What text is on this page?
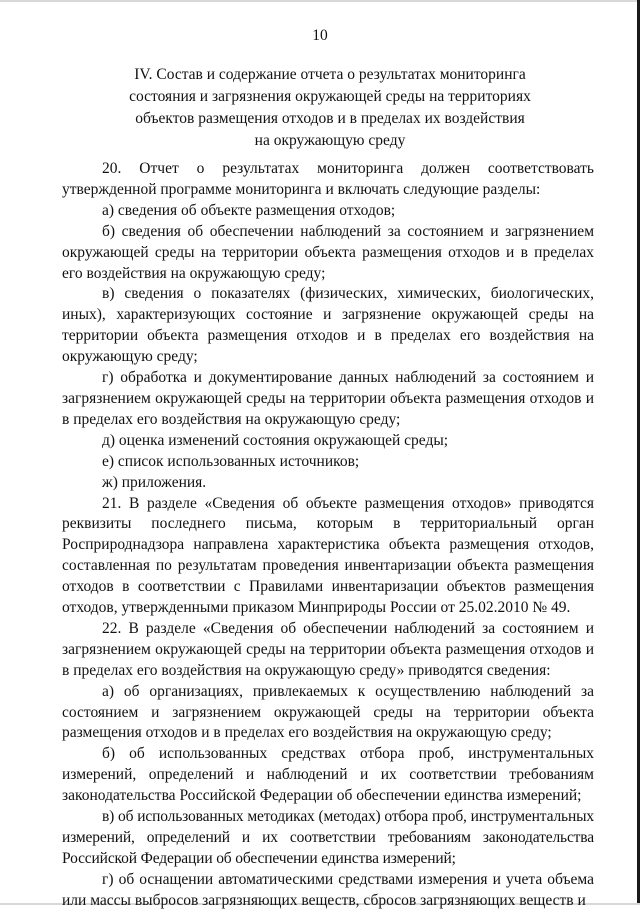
10
IV. Состав и содержание отчета о результатах мониторинга
состояния и загрязнения окружающей среды на территориях
объектов размещения отходов и в пределах их воздействия
на окружающую среду

20. Отчет о результатах мониторинга должен соответствовать утвержденной программе мониторинга и включать следующие разделы:

а) сведения об объекте размещения отходов;

б) сведения об обеспечении наблюдений за состоянием и загрязнением окружающей среды на территории объекта размещения отходов и в пределах его воздействия на окружающую среду;

в) сведения о показателях (физических, химических, биологических, иных), характеризующих состояние и загрязнение окружающей среды на территории объекта размещения отходов и в пределах его воздействия на окружающую среду;

г) обработка и документирование данных наблюдений за состоянием и загрязнением окружающей среды на территории объекта размещения отходов и в пределах его воздействия на окружающую среду;

д) оценка изменений состояния окружающей среды;

е) список использованных источников;

ж) приложения.

21. В разделе «Сведения об объекте размещения отходов» приводятся реквизиты последнего письма, которым в территориальный орган Росприроднадзора направлена характеристика объекта размещения отходов, составленная по результатам проведения инвентаризации объекта размещения отходов в соответствии с Правилами инвентаризации объектов размещения отходов, утвержденными приказом Минприроды России от 25.02.2010 № 49.

22. В разделе «Сведения об обеспечении наблюдений за состоянием и загрязнением окружающей среды на территории объекта размещения отходов и в пределах его воздействия на окружающую среду» приводятся сведения:

а) об организациях, привлекаемых к осуществлению наблюдений за состоянием и загрязнением окружающей среды на территории объекта размещения отходов и в пределах его воздействия на окружающую среду;

б) об использованных средствах отбора проб, инструментальных измерений, определений и наблюдений и их соответствии требованиям законодательства Российской Федерации об обеспечении единства измерений;

в) об использованных методиках (методах) отбора проб, инструментальных измерений, определений и их соответствии требованиям законодательства Российской Федерации об обеспечении единства измерений;

г) об оснащении автоматическими средствами измерения и учета объема или массы выбросов загрязняющих веществ, сбросов загрязняющих веществ и
